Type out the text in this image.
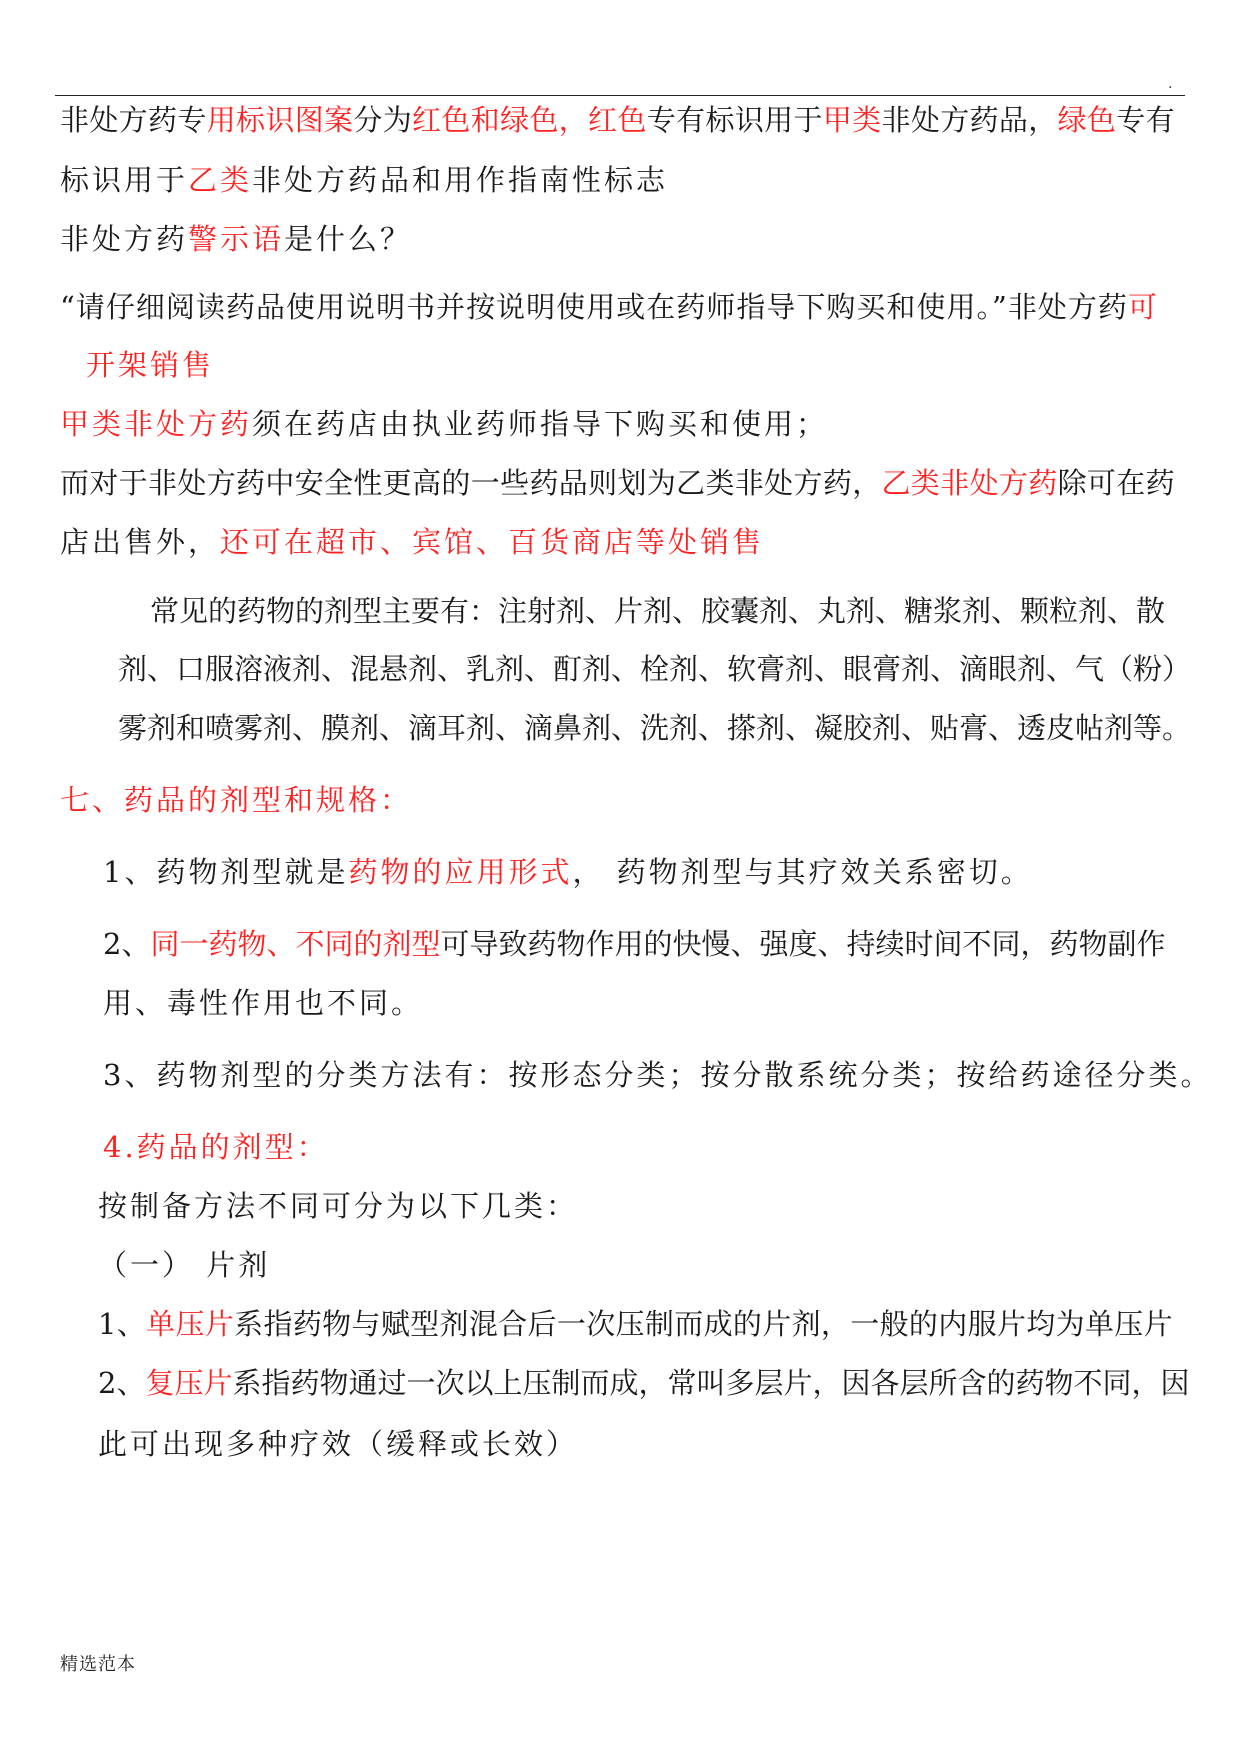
.
非处方药专用标识图案分为红色和绿色，红色专有标识用于甲类非处方药品，绿色专有
标识用于乙类非处方药品和用作指南性标志
非处方药警示语是什么？
“请仔细阅读药品使用说明书并按说明使用或在药师指导下购买和使用。”非处方药可
开架销售
甲类非处方药须在药店由执业药师指导下购买和使用；
而对于非处方药中安全性更高的一些药品则划为乙类非处方药，乙类非处方药除可在药
店出售外，还可在超市、宾馆、百货商店等处销售
常见的药物的剂型主要有：注射剂、片剂、胶囊剂、丸剂、糖浆剂、颗粒剂、散
剂、口服溶液剂、混悬剂、乳剂、酊剂、栓剂、软膏剂、眼膏剂、滴眼剂、气（粉）
雾剂和喷雾剂、膜剂、滴耳剂、滴鼻剂、洗剂、搽剂、凝胶剂、贴膏、透皮帖剂等。
七、药品的剂型和规格：
1、药物剂型就是药物的应用形式， 药物剂型与其疗效关系密切。
2、同一药物、不同的剂型可导致药物作用的快慢、强度、持续时间不同，药物副作
用、毒性作用也不同。
3、药物剂型的分类方法有：按形态分类；按分散系统分类；按给药途径分类。
4.药品的剂型：
按制备方法不同可分为以下几类：
（一） 片剂
1、单压片系指药物与赋型剂混合后一次压制而成的片剂，一般的内服片均为单压片
2、复压片系指药物通过一次以上压制而成，常叫多层片，因各层所含的药物不同，因
此可出现多种疗效（缓释或长效）
精选范本
